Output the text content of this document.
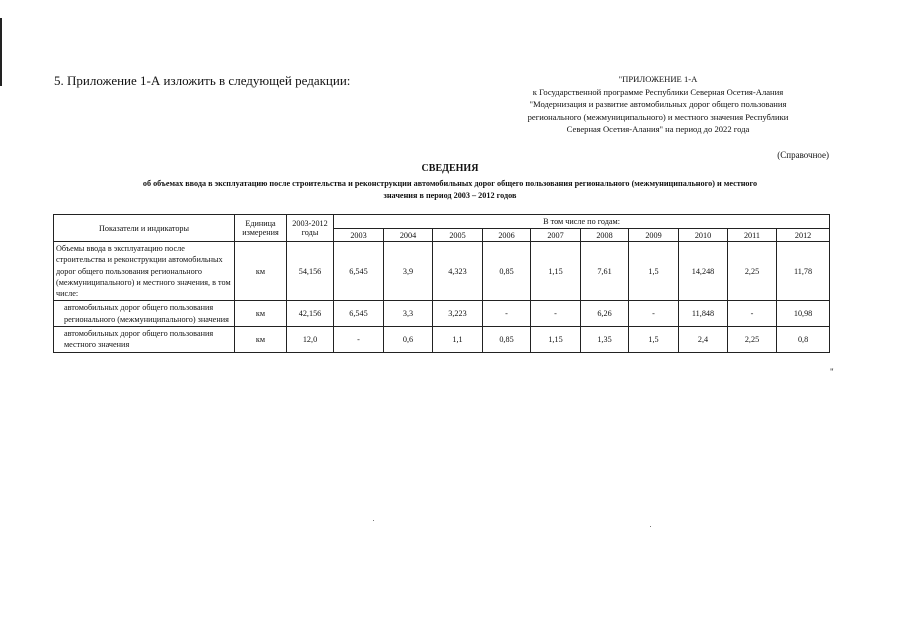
5. Приложение 1-А изложить в следующей редакции:	"ПРИЛОЖЕНИЕ 1-А
к Государственной программе Республики Северная Осетия-Алания
"Модернизация и развитие автомобильных дорог общего пользования
регионального (межмуниципального) и местного значения Республики
Северная Осетия-Алания" на период до 2022 года
(Справочное)
СВЕДЕНИЯ
об объемах ввода в эксплуатацию после строительства и реконструкции автомобильных дорог общего пользования регионального (межмуниципального) и местного
значения в период 2003 – 2012 годов
Показатели и индикаторы	Единица измерения	2003-2012 годы	В том числе по годам:									
			2003	2004	2005	2006	2007	2008	2009	2010	2011	2012
Объемы ввода в эксплуатацию после строительства и реконструкции автомобильных дорог общего пользования регионального (межмуниципального) и местного значения, в том числе:	км	54,156	6,545	3,9	4,323	0,85	1,15	7,61	1,5	14,248	2,25	11,78
автомобильных дорог общего пользования регионального (межмуниципального) значения	км	42,156	6,545	3,3	3,223	-	-	6,26	-	11,848	-	10,98
автомобильных дорог общего пользования местного значения	км	12,0	-	0,6	1,1	0,85	1,15	1,35	1,5	2,4	2,25	0,8
"
